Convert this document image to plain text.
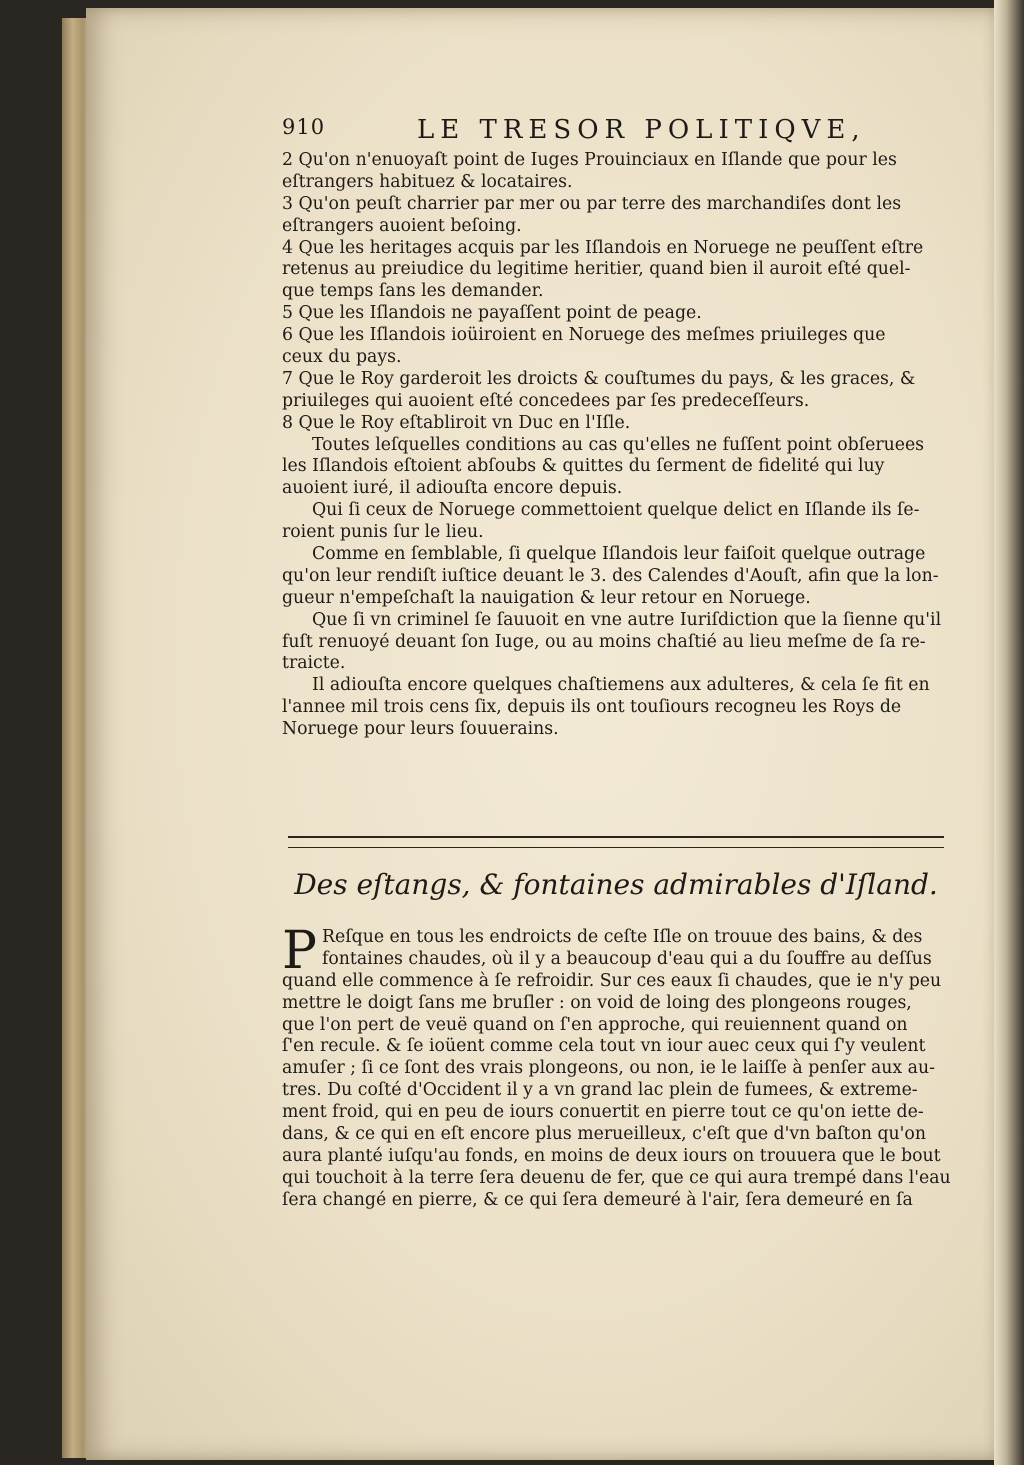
910	LE TRESOR POLITIQVE,
2 Qu'on n'enuoyaſt point de Iuges Prouinciaux en Iſlande que pour les
eſtrangers habituez & locataires.
3 Qu'on peuſt charrier par mer ou par terre des marchandiſes dont les
eſtrangers auoient beſoing.
4 Que les heritages acquis par les Iſlandois en Noruege ne peuſſent eſtre
retenus au preiudice du legitime heritier, quand bien il auroit eſté quel-
que temps ſans les demander.
5 Que les Iſlandois ne payaſſent point de peage.
6 Que les Iſlandois ioüiroient en Noruege des meſmes priuileges que
ceux du pays.
7 Que le Roy garderoit les droicts & couſtumes du pays, & les graces, &
priuileges qui auoient eſté concedees par ſes predeceſſeurs.
8 Que le Roy eſtabliroit vn Duc en l'Iſle.
Toutes leſquelles conditions au cas qu'elles ne fuſſent point obſeruees
les Iſlandois eſtoient abſoubs & quittes du ſerment de fidelité qui luy
auoient iuré, il adiouſta encore depuis.
Qui ſi ceux de Noruege commettoient quelque delict en Iſlande ils ſe-
roient punis ſur le lieu.
Comme en ſemblable, ſi quelque Iſlandois leur faiſoit quelque outrage
qu'on leur rendiſt iuſtice deuant le 3. des Calendes d'Aouſt, afin que la lon-
gueur n'empeſchaſt la nauigation & leur retour en Noruege.
Que ſi vn criminel ſe ſauuoit en vne autre Iuriſdiction que la ſienne qu'il
fuſt renuoyé deuant ſon Iuge, ou au moins chaſtié au lieu meſme de ſa re-
traicte.
Il adiouſta encore quelques chaſtiemens aux adulteres, & cela ſe fit en
l'annee mil trois cens ſix, depuis ils ont touſiours recogneu les Roys de
Noruege pour leurs ſouuerains.
Des eſtangs, & fontaines admirables d'Iſland.
P Reſque en tous les endroicts de ceſte Iſle on trouue des bains, & des
fontaines chaudes, où il y a beaucoup d'eau qui a du ſouffre au deſſus
quand elle commence à ſe refroidir. Sur ces eaux ſi chaudes, que ie n'y peu
mettre le doigt ſans me bruſler : on void de loing des plongeons rouges,
que l'on pert de veuë quand on ſ'en approche, qui reuiennent quand on
ſ'en recule. & ſe ioüent comme cela tout vn iour auec ceux qui ſ'y veulent
amuſer ; ſi ce ſont des vrais plongeons, ou non, ie le laiſſe à penſer aux au-
tres. Du coſté d'Occident il y a vn grand lac plein de fumees, & extreme-
ment froid, qui en peu de iours conuertit en pierre tout ce qu'on iette de-
dans, & ce qui en eſt encore plus merueilleux, c'eſt que d'vn baſton qu'on
aura planté iuſqu'au fonds, en moins de deux iours on trouuera que le bout
qui touchoit à la terre ſera deuenu de fer, que ce qui aura trempé dans l'eau
ſera changé en pierre, & ce qui ſera demeuré à l'air, ſera demeuré en ſa
